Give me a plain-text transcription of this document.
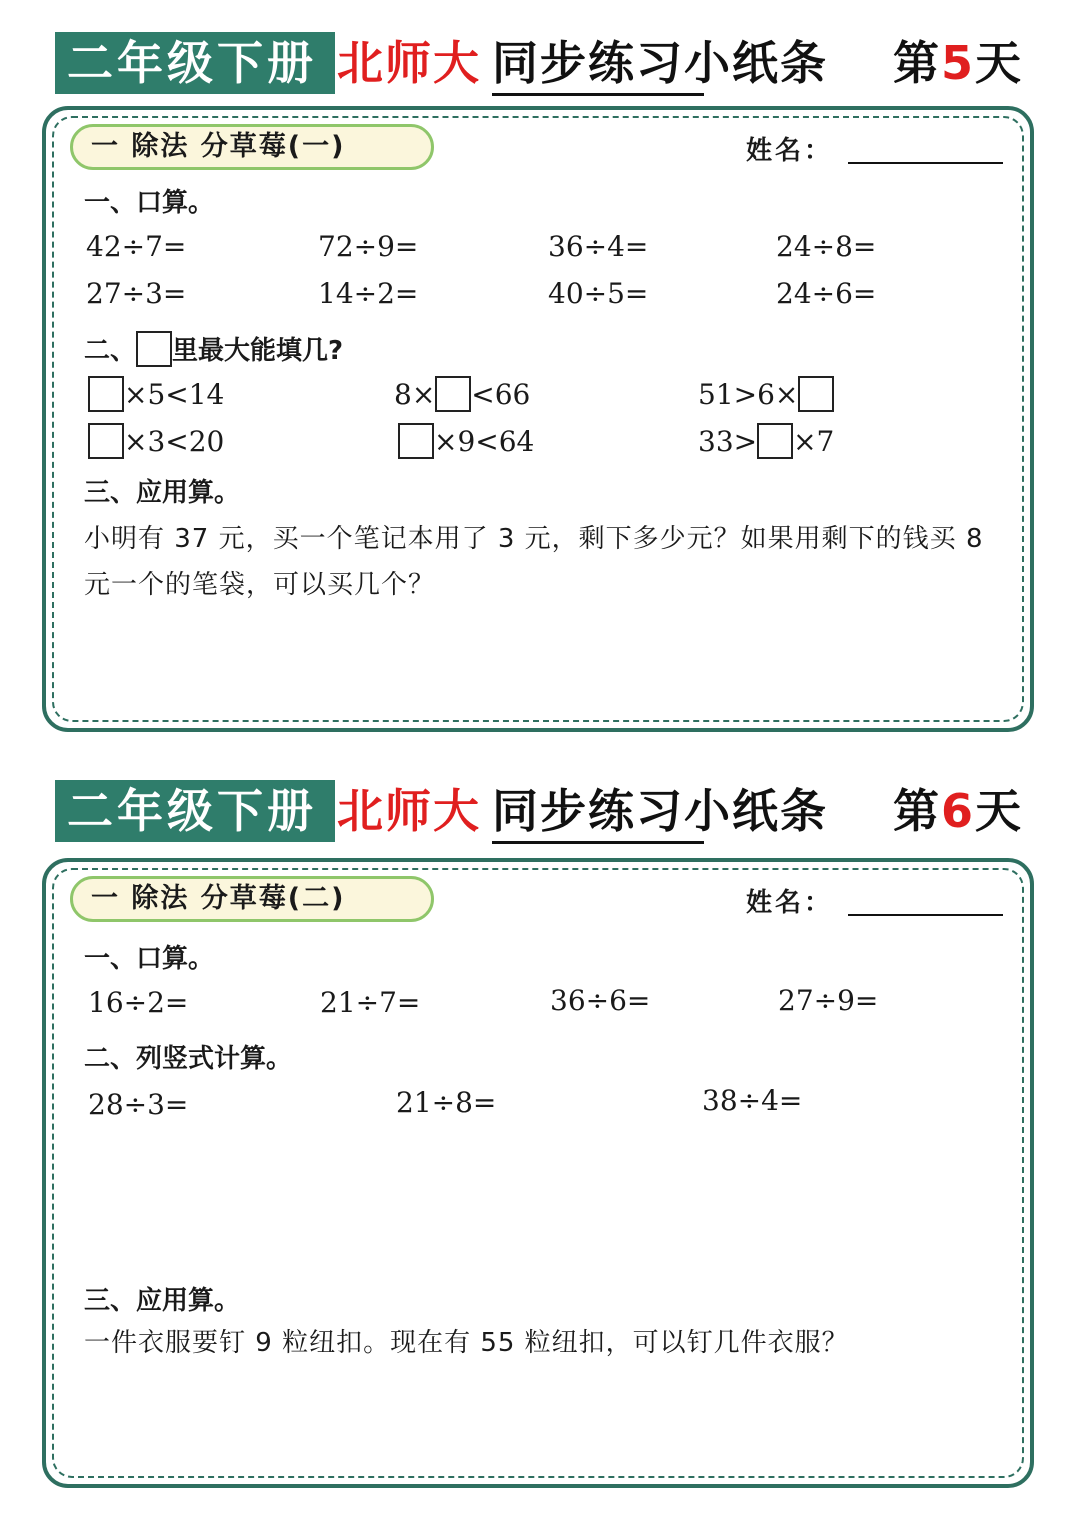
二年级下册 北师大 同步练习小纸条 第5天
一 除法 分草莓(一)	姓名：
一、口算。
42÷7=	72÷9=	36÷4=	24÷8=
27÷3=	14÷2=	40÷5=	24÷6=
二、 里最大能填几?
×5<14	8× <66	51>6×
×3<20	×9<64	33> ×7
三、应用算。
小明有 37 元，买一个笔记本用了 3 元，剩下多少元？如果用剩下的钱买 8 元一个的笔袋，可以买几个？
二年级下册 北师大 同步练习小纸条 第6天
一 除法 分草莓(二)	姓名：
一、口算。
16÷2=	21÷7=	36÷6=	27÷9=
二、列竖式计算。
28÷3=	21÷8=	38÷4=
三、应用算。
一件衣服要钉 9 粒纽扣。现在有 55 粒纽扣，可以钉几件衣服？
